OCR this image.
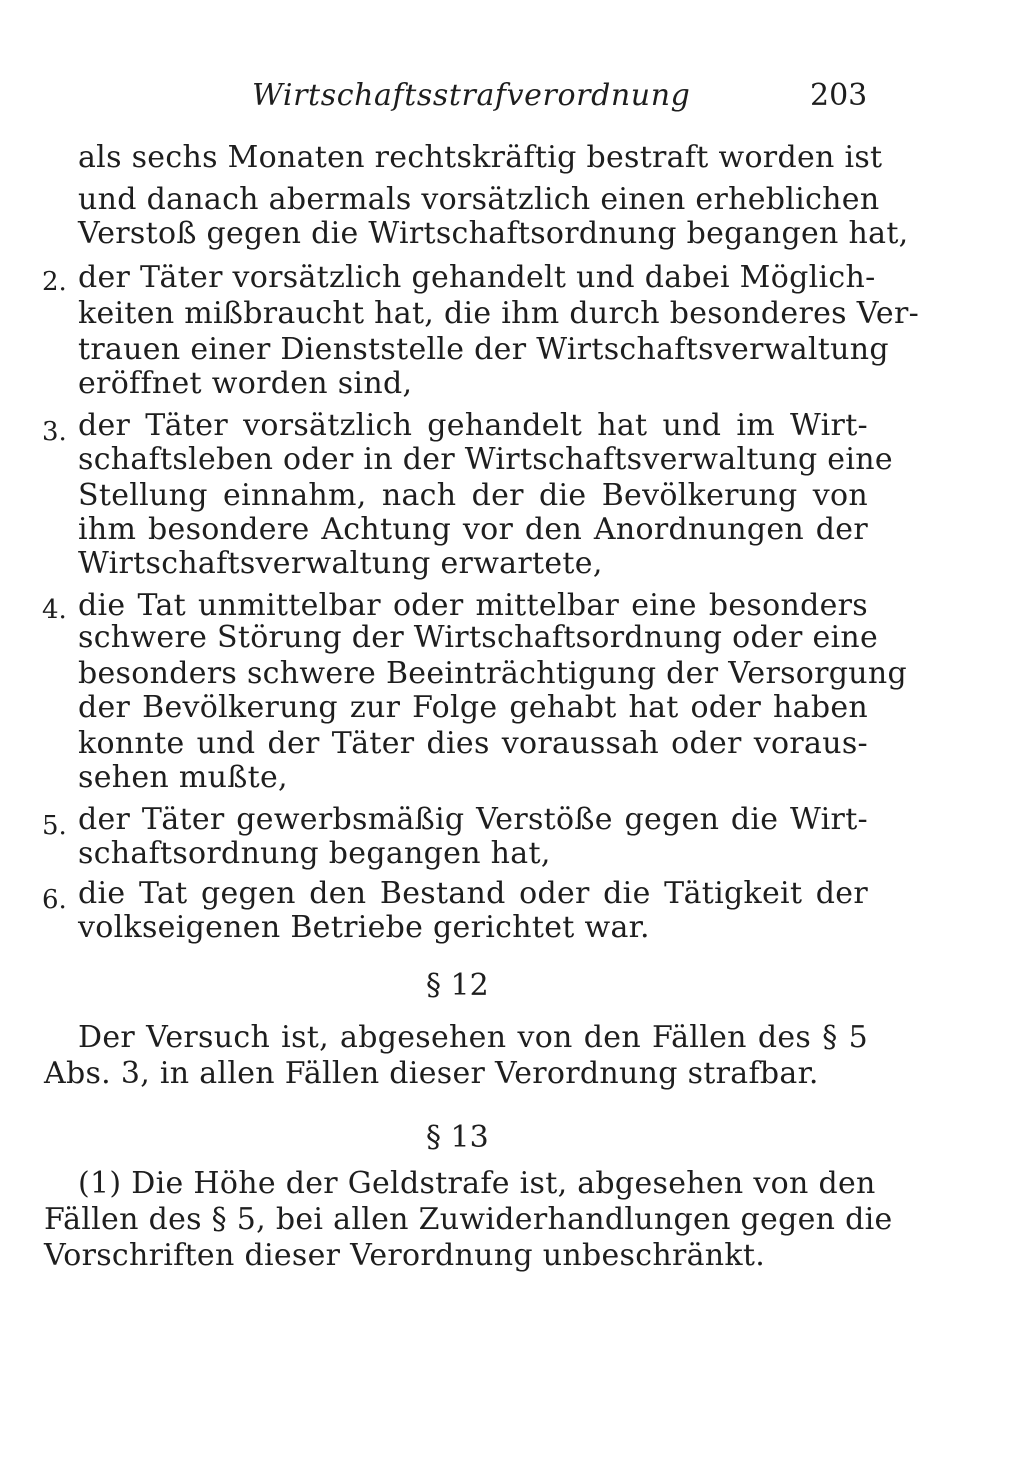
Wirtschaftsstrafverordnung	203
als sechs Monaten rechtskräftig bestraft worden ist
und danach abermals vorsätzlich einen erheblichen
Verstoß gegen die Wirtschaftsordnung begangen hat,
2. der Täter vorsätzlich gehandelt und dabei Möglich-
keiten mißbraucht hat, die ihm durch besonderes Ver-
trauen einer Dienststelle der Wirtschaftsverwaltung
eröffnet worden sind,
3. der Täter vorsätzlich gehandelt hat und im Wirt-
schaftsleben oder in der Wirtschaftsverwaltung eine
Stellung einnahm, nach der die Bevölkerung von
ihm besondere Achtung vor den Anordnungen der
Wirtschaftsverwaltung erwartete,
4. die Tat unmittelbar oder mittelbar eine besonders
schwere Störung der Wirtschaftsordnung oder eine
besonders schwere Beeinträchtigung der Versorgung
der Bevölkerung zur Folge gehabt hat oder haben
konnte und der Täter dies voraussah oder voraus-
sehen mußte,
5. der Täter gewerbsmäßig Verstöße gegen die Wirt-
schaftsordnung begangen hat,
6. die Tat gegen den Bestand oder die Tätigkeit der
volkseigenen Betriebe gerichtet war.
§ 12
Der Versuch ist, abgesehen von den Fällen des § 5
Abs. 3, in allen Fällen dieser Verordnung strafbar.
§ 13
(1) Die Höhe der Geldstrafe ist, abgesehen von den
Fällen des § 5, bei allen Zuwiderhandlungen gegen die
Vorschriften dieser Verordnung unbeschränkt.
